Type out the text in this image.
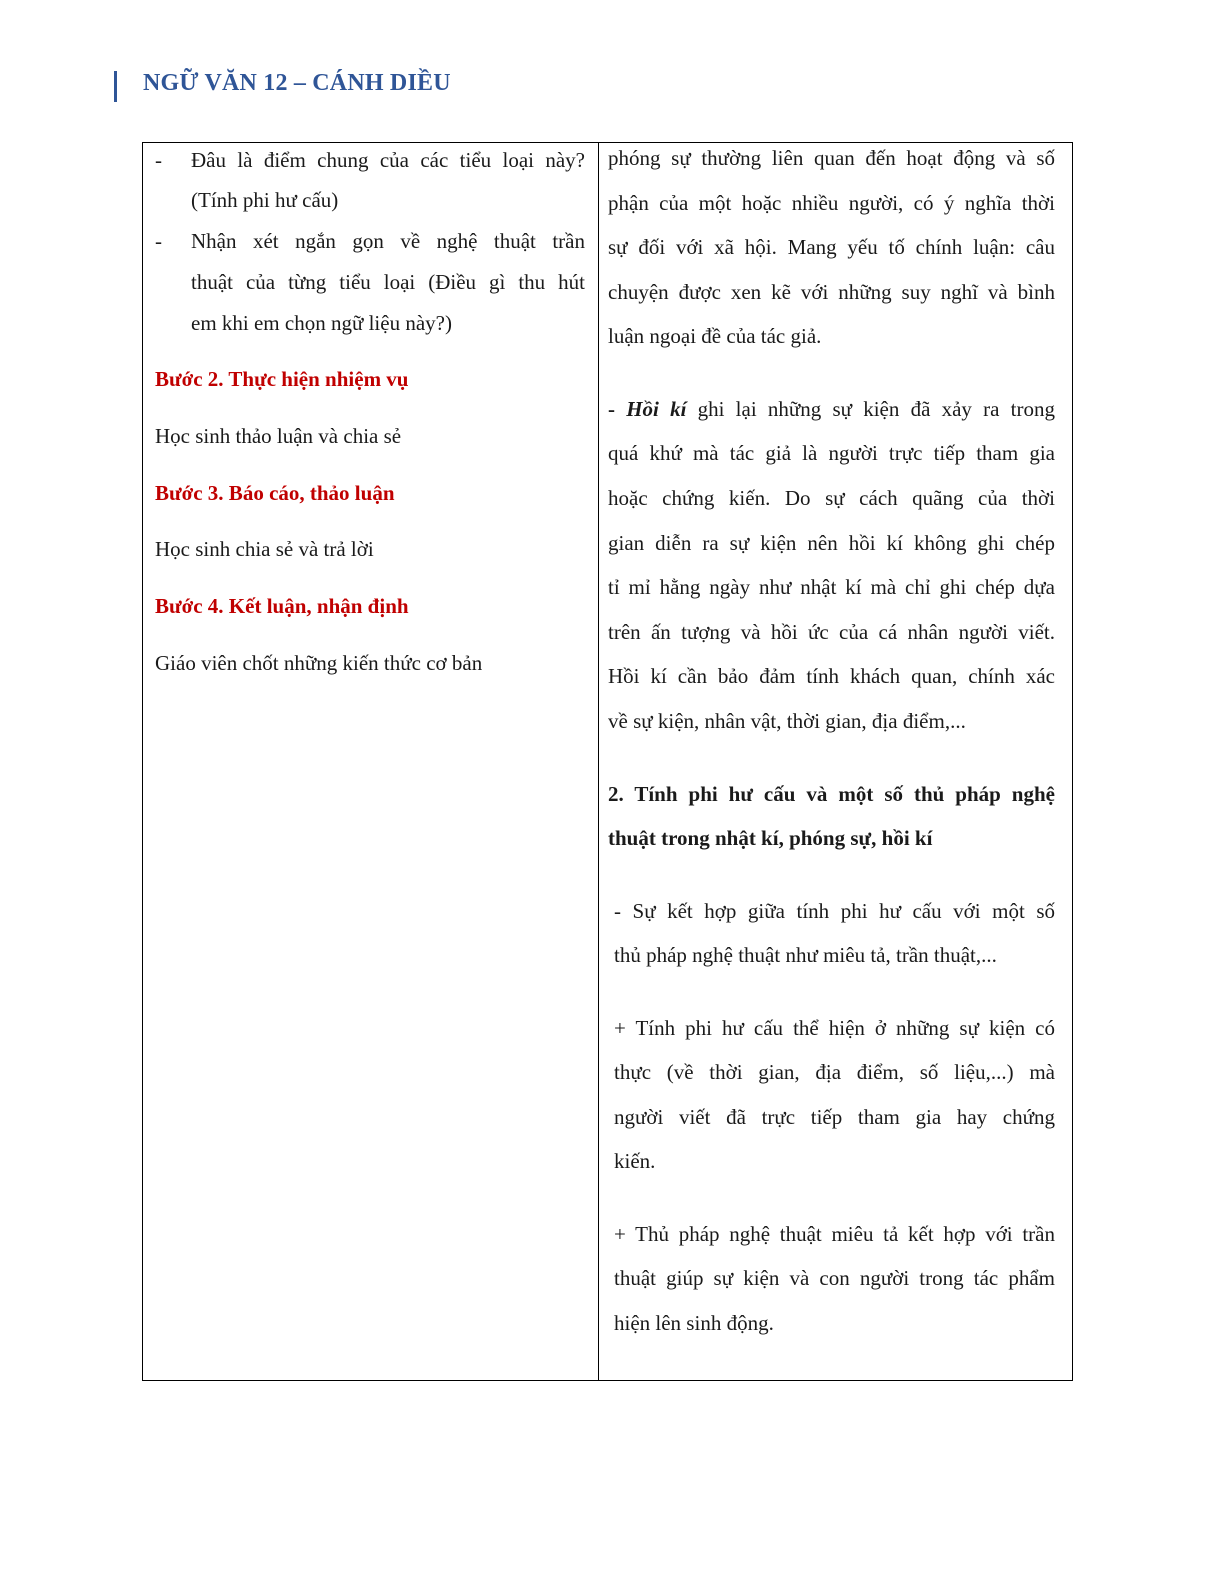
NGỮ VĂN 12 – CÁNH DIỀU
- Đâu là điểm chung của các tiểu loại này?
(Tính phi hư cấu)
- Nhận xét ngắn gọn về nghệ thuật trần
thuật của từng tiểu loại (Điều gì thu hút
em khi em chọn ngữ liệu này?)
Bước 2. Thực hiện nhiệm vụ
Học sinh thảo luận và chia sẻ
Bước 3. Báo cáo, thảo luận
Học sinh chia sẻ và trả lời
Bước 4. Kết luận, nhận định
Giáo viên chốt những kiến thức cơ bản
phóng sự thường liên quan đến hoạt động và số
phận của một hoặc nhiều người, có ý nghĩa thời
sự đối với xã hội. Mang yếu tố chính luận: câu
chuyện được xen kẽ với những suy nghĩ và bình
luận ngoại đề của tác giả.
- Hồi kí ghi lại những sự kiện đã xảy ra trong
quá khứ mà tác giả là người trực tiếp tham gia
hoặc chứng kiến. Do sự cách quãng của thời
gian diễn ra sự kiện nên hồi kí không ghi chép
tỉ mỉ hằng ngày như nhật kí mà chỉ ghi chép dựa
trên ấn tượng và hồi ức của cá nhân người viết.
Hồi kí cần bảo đảm tính khách quan, chính xác
về sự kiện, nhân vật, thời gian, địa điểm,...
2. Tính phi hư cấu và một số thủ pháp nghệ
thuật trong nhật kí, phóng sự, hồi kí
- Sự kết hợp giữa tính phi hư cấu với một số
thủ pháp nghệ thuật như miêu tả, trần thuật,...
+ Tính phi hư cấu thể hiện ở những sự kiện có
thực (về thời gian, địa điểm, số liệu,...) mà
người viết đã trực tiếp tham gia hay chứng
kiến.
+ Thủ pháp nghệ thuật miêu tả kết hợp với trần
thuật giúp sự kiện và con người trong tác phẩm
hiện lên sinh động.
